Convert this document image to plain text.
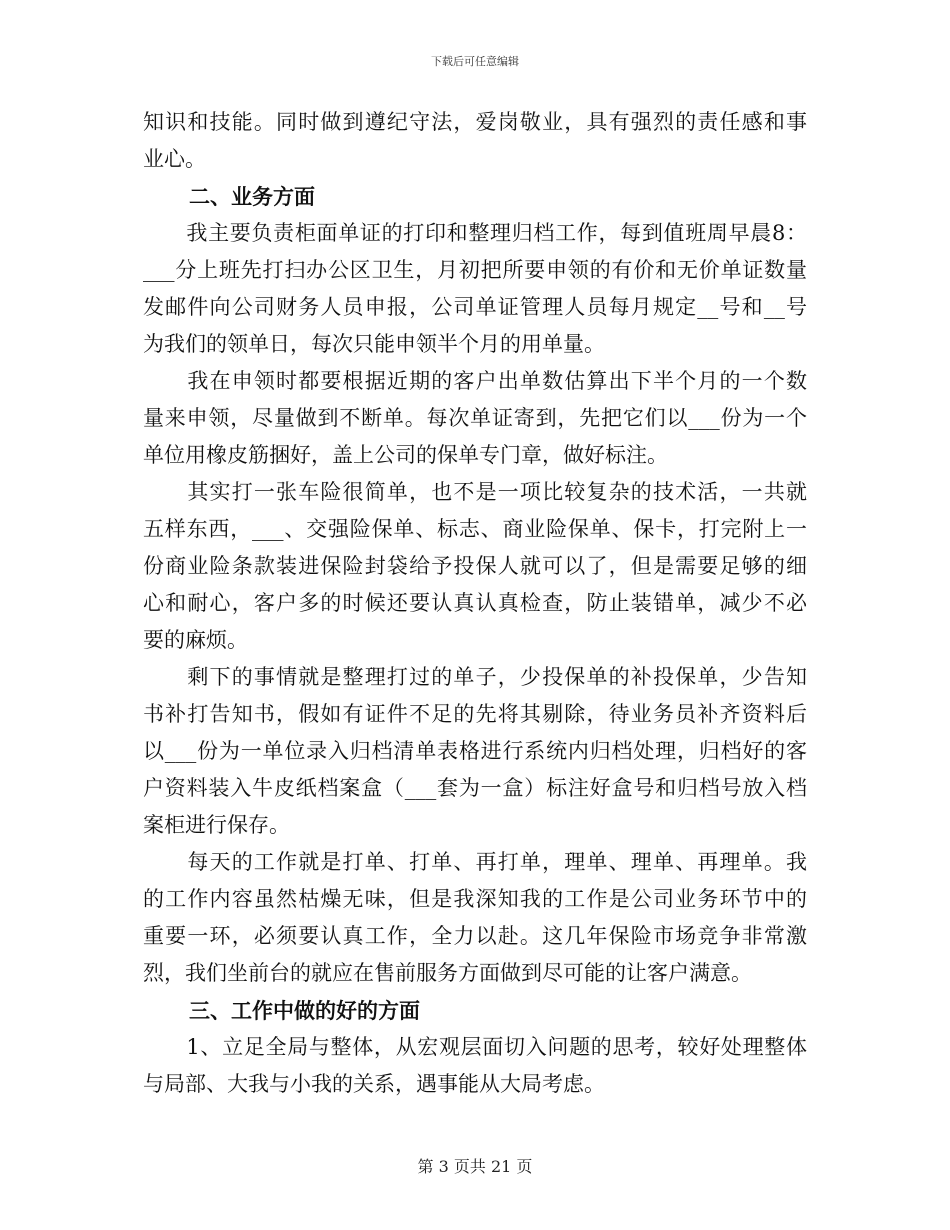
下载后可任意编辑
知识和技能。同时做到遵纪守法，爱岗敬业，具有强烈的责任感和事
业心。
二、业务方面
　　我主要负责柜面单证的打印和整理归档工作，每到值班周早晨8：
___分上班先打扫办公区卫生，月初把所要申领的有价和无价单证数量
发邮件向公司财务人员申报，公司单证管理人员每月规定__号和__号
为我们的领单日，每次只能申领半个月的用单量。
　　我在申领时都要根据近期的客户出单数估算出下半个月的一个数
量来申领，尽量做到不断单。每次单证寄到，先把它们以___份为一个
单位用橡皮筋捆好，盖上公司的保单专门章，做好标注。
　　其实打一张车险很简单，也不是一项比较复杂的技术活，一共就
五样东西，___、交强险保单、标志、商业险保单、保卡，打完附上一
份商业险条款装进保险封袋给予投保人就可以了，但是需要足够的细
心和耐心，客户多的时候还要认真认真检查，防止装错单，减少不必
要的麻烦。
　　剩下的事情就是整理打过的单子，少投保单的补投保单，少告知
书补打告知书，假如有证件不足的先将其剔除，待业务员补齐资料后
以___份为一单位录入归档清单表格进行系统内归档处理，归档好的客
户资料装入牛皮纸档案盒（___套为一盒）标注好盒号和归档号放入档
案柜进行保存。
　　每天的工作就是打单、打单、再打单，理单、理单、再理单。我
的工作内容虽然枯燥无味，但是我深知我的工作是公司业务环节中的
重要一环，必须要认真工作，全力以赴。这几年保险市场竞争非常激
烈，我们坐前台的就应在售前服务方面做到尽可能的让客户满意。
三、工作中做的好的方面
　　1、立足全局与整体，从宏观层面切入问题的思考，较好处理整体
与局部、大我与小我的关系，遇事能从大局考虑。
第 3 页共 21 页
